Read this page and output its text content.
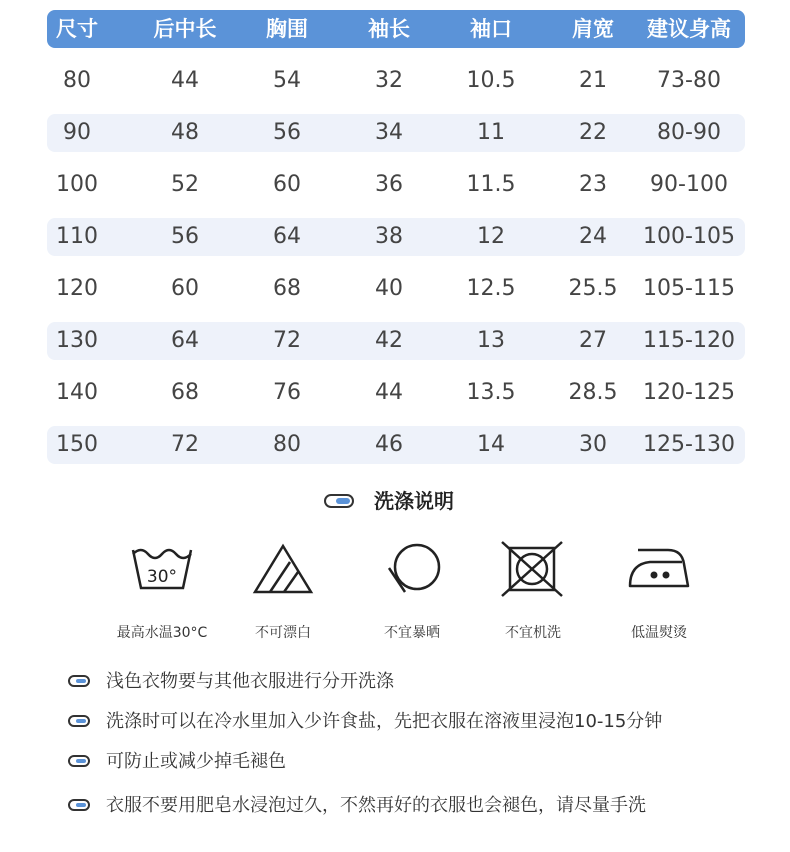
尺寸	后中长 胸围	袖长	袖口	肩宽 建议身高
80	44	54	32	10.5	21 73-80
90	48	56	34	11	22 80-90
100	52	60	36	11.5	23 90-100
110	56	64	38	12	24 100-105
120	60	68	40	12.5 25.5 105-115
130	64	72	42	13	27 115-120
140	68	76	44	13.5 28.5 120-125
150	72	80	46	14	30 125-130
洗涤说明
30°
最高水温30°C	不可漂白	不宜暴晒	不宜机洗	低温熨烫
浅色衣物要与其他衣服进行分开洗涤
洗涤时可以在冷水里加入少许食盐，先把衣服在溶液里浸泡10-15分钟
可防止或减少掉毛褪色
衣服不要用肥皂水浸泡过久，不然再好的衣服也会褪色，请尽量手洗
